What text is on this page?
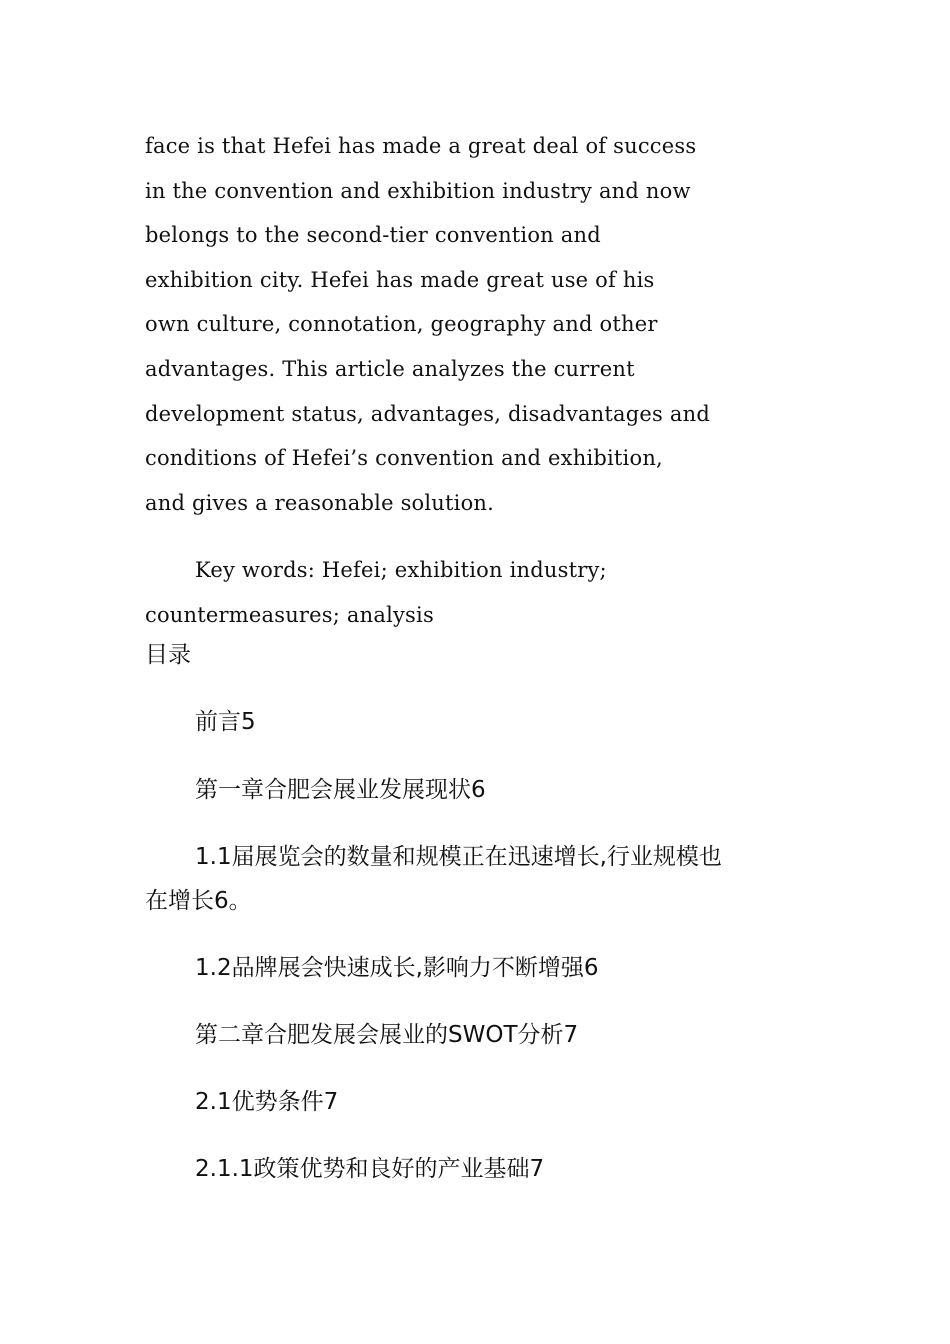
face is that Hefei has made a great deal of success
in the convention and exhibition industry and now
belongs to the second-tier convention and
exhibition city. Hefei has made great use of his
own culture, connotation, geography and other
advantages. This article analyzes the current
development status, advantages, disadvantages and
conditions of Hefei’s convention and exhibition,
and gives a reasonable solution.
Key words: Hefei; exhibition industry;
countermeasures; analysis
目录
前言5
第一章合肥会展业发展现状6
1.1届展览会的数量和规模正在迅速增长,行业规模也
在增长6。
1.2品牌展会快速成长,影响力不断增强6
第二章合肥发展会展业的SWOT分析7
2.1优势条件7
2.1.1政策优势和良好的产业基础7
